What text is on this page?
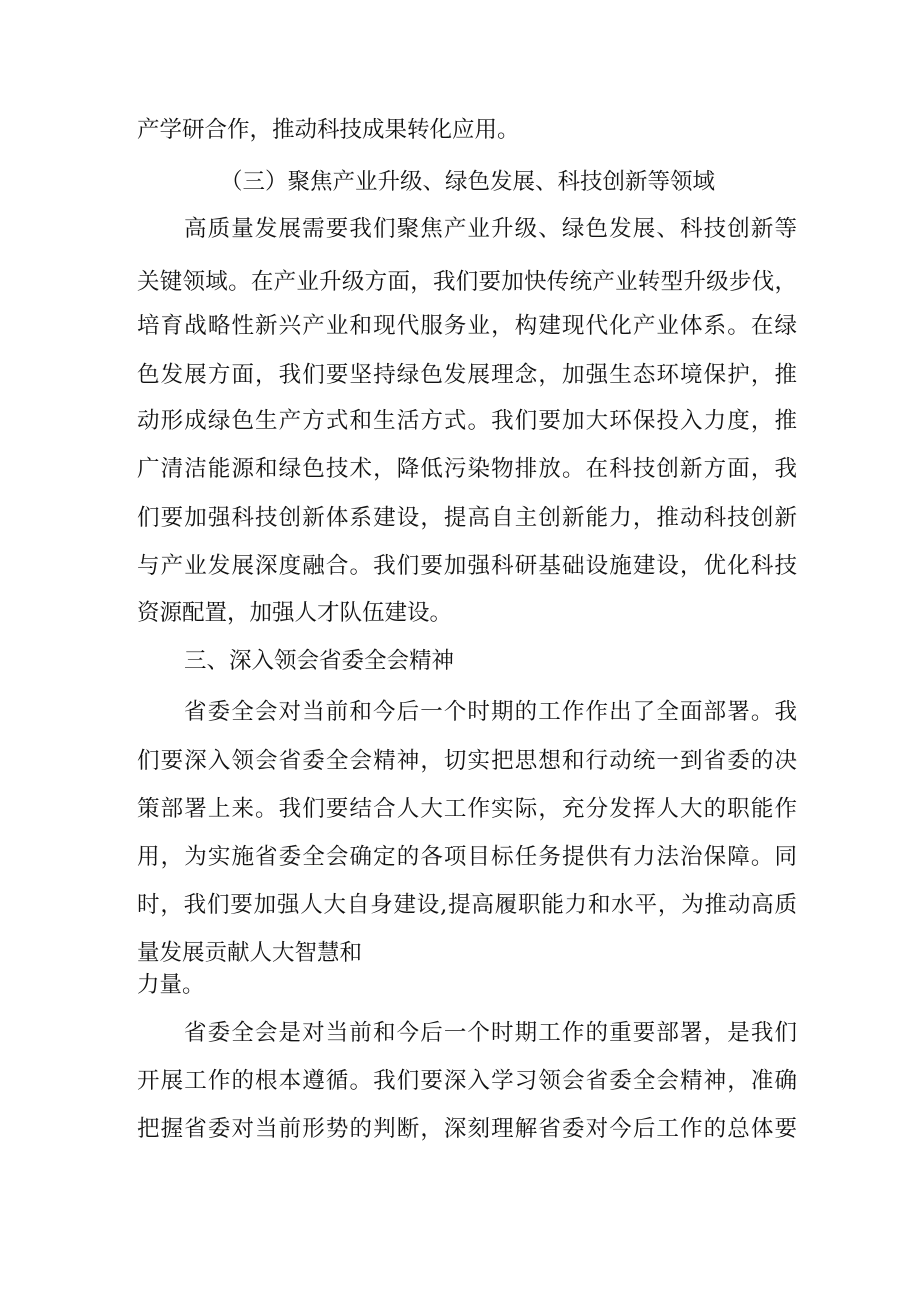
产学研合作，推动科技成果转化应用。
（三）聚焦产业升级、绿色发展、科技创新等领域
高质量发展需要我们聚焦产业升级、绿色发展、科技创新等
关键领域。在产业升级方面，我们要加快传统产业转型升级步伐，
培育战略性新兴产业和现代服务业，构建现代化产业体系。在绿
色发展方面，我们要坚持绿色发展理念，加强生态环境保护，推
动形成绿色生产方式和生活方式。我们要加大环保投入力度，推
广清洁能源和绿色技术，降低污染物排放。在科技创新方面，我
们要加强科技创新体系建设，提高自主创新能力，推动科技创新
与产业发展深度融合。我们要加强科研基础设施建设，优化科技
资源配置，加强人才队伍建设。
三、深入领会省委全会精神
省委全会对当前和今后一个时期的工作作出了全面部署。我
们要深入领会省委全会精神，切实把思想和行动统一到省委的决
策部署上来。我们要结合人大工作实际，充分发挥人大的职能作
用，为实施省委全会确定的各项目标任务提供有力法治保障。同
时，我们要加强人大自身建设,提高履职能力和水平，为推动高质
量发展贡献人大智慧和
力量。
省委全会是对当前和今后一个时期工作的重要部署，是我们
开展工作的根本遵循。我们要深入学习领会省委全会精神，准确
把握省委对当前形势的判断，深刻理解省委对今后工作的总体要
